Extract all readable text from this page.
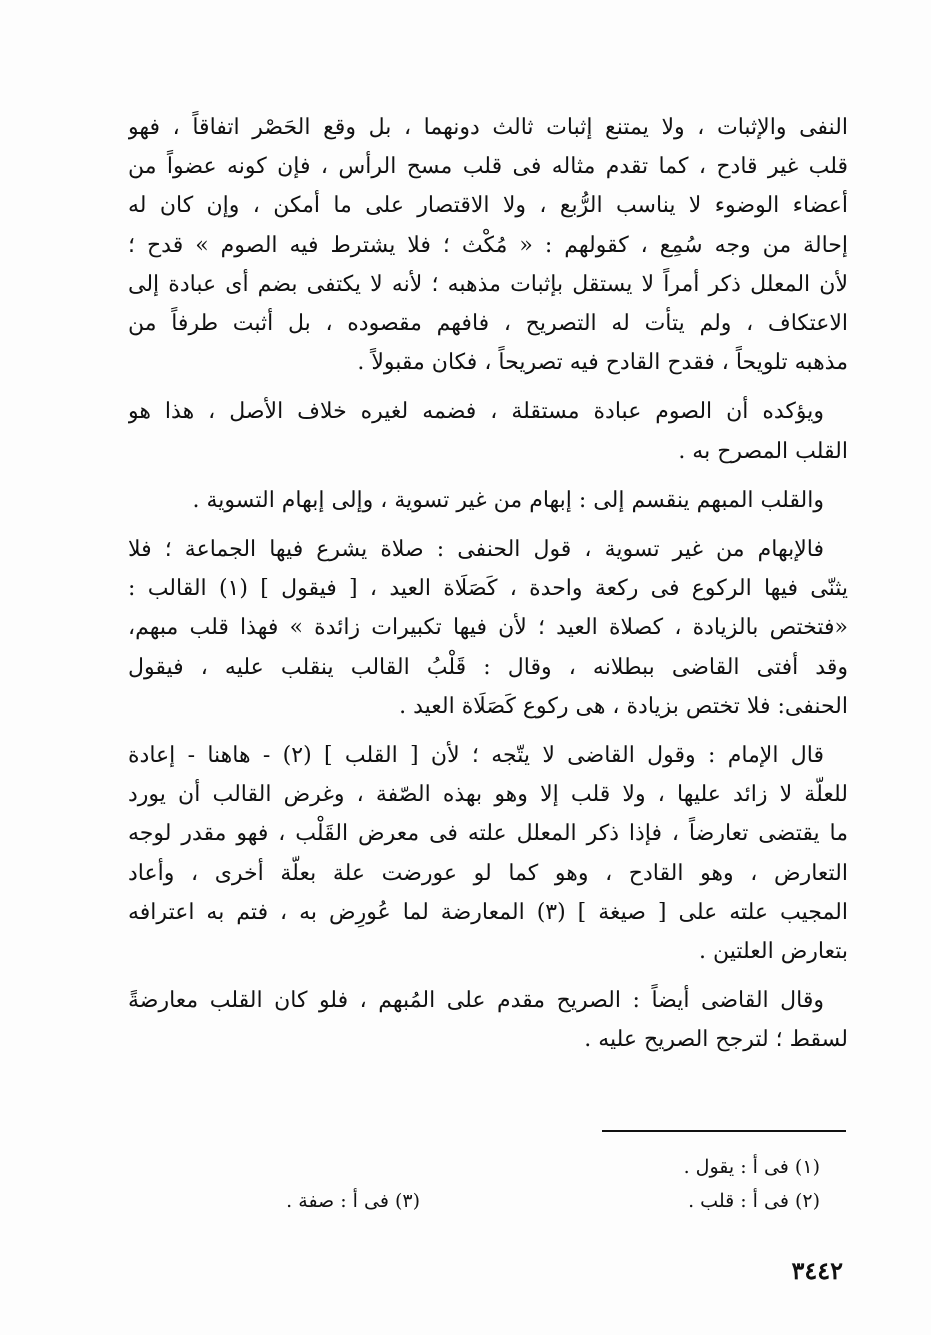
النفى والإثبات ، ولا يمتنع إثبات ثالث دونهما ، بل وقع الحَصْر اتفاقاً ، فهو
قلب غير قادح ، كما تقدم مثاله فى قلب مسح الرأس ، فإن كونه عضواً من
أعضاء الوضوء لا يناسب الرُّبع ، ولا الاقتصار على ما أمكن ، وإن كان له
إحالة من وجه سُمِع ، كقولهم : « مُكْث ؛ فلا يشترط فيه الصوم » قدح ؛
لأن المعلل ذكر أمراً لا يستقل بإثبات مذهبه ؛ لأنه لا يكتفى بضم أى عبادة إلى
الاعتكاف ، ولم يتأت له التصريح ، فافهم مقصوده ، بل أثبت طرفاً من
مذهبه تلويحاً ، فقدح القادح فيه تصريحاً ، فكان مقبولاً .
ويؤكده أن الصوم عبادة مستقلة ، فضمه لغيره خلاف الأصل ، هذا هو
القلب المصرح به .
والقلب المبهم ينقسم إلى : إبهام من غير تسوية ، وإلى إبهام التسوية .
فالإبهام من غير تسوية ، قول الحنفى : صلاة يشرع فيها الجماعة ؛ فلا
يثنّى فيها الركوع فى ركعة واحدة ، كَصَلَاة العيد ، [ فيقول ] (١) القالب :
«فتختص بالزيادة ، كصلاة العيد ؛ لأن فيها تكبيرات زائدة » فهذا قلب مبهم،
وقد أفتى القاضى ببطلانه ، وقال : قَلْبُ القالب ينقلب عليه ، فيقول
الحنفى: فلا تختص بزيادة ، هى ركوع كَصَلَاة العيد .
قال الإمام : وقول القاضى لا يتّجه ؛ لأن [ القلب ] (٢) - هاهنا - إعادة
للعلّة لا زائد عليها ، ولا قلب إلا وهو بهذه الصّفة ، وغرض القالب أن يورد
ما يقتضى تعارضاً ، فإذا ذكر المعلل علته فى معرض القَلْب ، فهو مقدر لوجه
التعارض ، وهو القادح ، وهو كما لو عورضت علة بعلّة أخرى ، وأعاد
المجيب علته على [ صيغة ] (٣) المعارضة لما عُورِض به ، فتم به اعترافه
بتعارض العلتين .
وقال القاضى أيضاً : الصريح مقدم على المُبهم ، فلو كان القلب معارضةً
لسقط ؛ لترجح الصريح عليه .
(١) فى أ : يقول .
(٢) فى أ : قلب .
(٣) فى أ : صفة .
٣٤٤٢
